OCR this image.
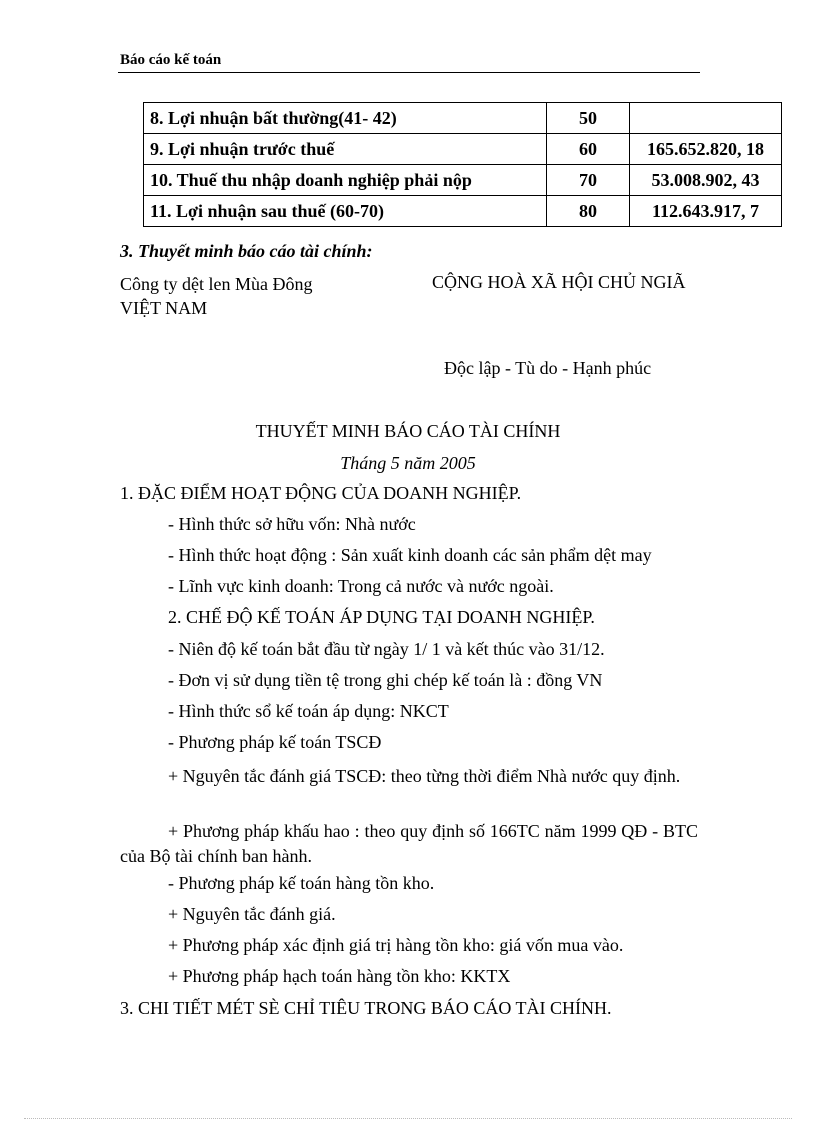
Báo cáo kế toán
8. Lợi nhuận bất thường(41- 42)	50	
9. Lợi nhuận trước thuế	60	165.652.820, 18
10. Thuế thu nhập doanh nghiệp phải nộp	70	53.008.902, 43
11. Lợi nhuận sau thuế (60-70)	80	112.643.917, 7
3. Thuyết minh báo cáo tài chính:
Công ty dệt len Mùa Đông
VIỆT NAM
CỘNG HOÀ XÃ HỘI CHỦ NGIÃ
Độc lập - Tù do - Hạnh phúc
THUYẾT MINH BÁO CÁO TÀI CHÍNH
Tháng 5 năm 2005
1. ĐẶC ĐIỂM HOẠT ĐỘNG CỦA DOANH NGHIỆP.
- Hình thức sở hữu vốn: Nhà nước
- Hình thức hoạt động : Sản xuất kinh doanh các sản phẩm dệt may
- Lĩnh vực kinh doanh: Trong cả nước và nước ngoài.
2. CHẾ ĐỘ KẾ TOÁN ÁP DỤNG TẠI DOANH NGHIỆP.
- Niên độ kế toán bắt đầu từ ngày 1/ 1 và kết thúc vào 31/12.
- Đơn vị sử dụng tiền tệ trong ghi chép kế toán là : đồng VN
- Hình thức sổ kế toán áp dụng: NKCT
- Phương pháp kế toán TSCĐ
+ Nguyên tắc đánh giá TSCĐ: theo từng thời điểm Nhà nước quy định.
+ Phương pháp khấu hao : theo quy định số 166TC năm 1999 QĐ - BTC của Bộ tài chính ban hành.
- Phương pháp kế toán hàng tồn kho.
+ Nguyên tắc đánh giá.
+ Phương pháp xác định giá trị hàng tồn kho: giá vốn mua vào.
+ Phương pháp hạch toán hàng tồn kho: KKTX
3. CHI TIẾT MÉT SÈ CHỈ TIÊU TRONG BÁO CÁO TÀI CHÍNH.
